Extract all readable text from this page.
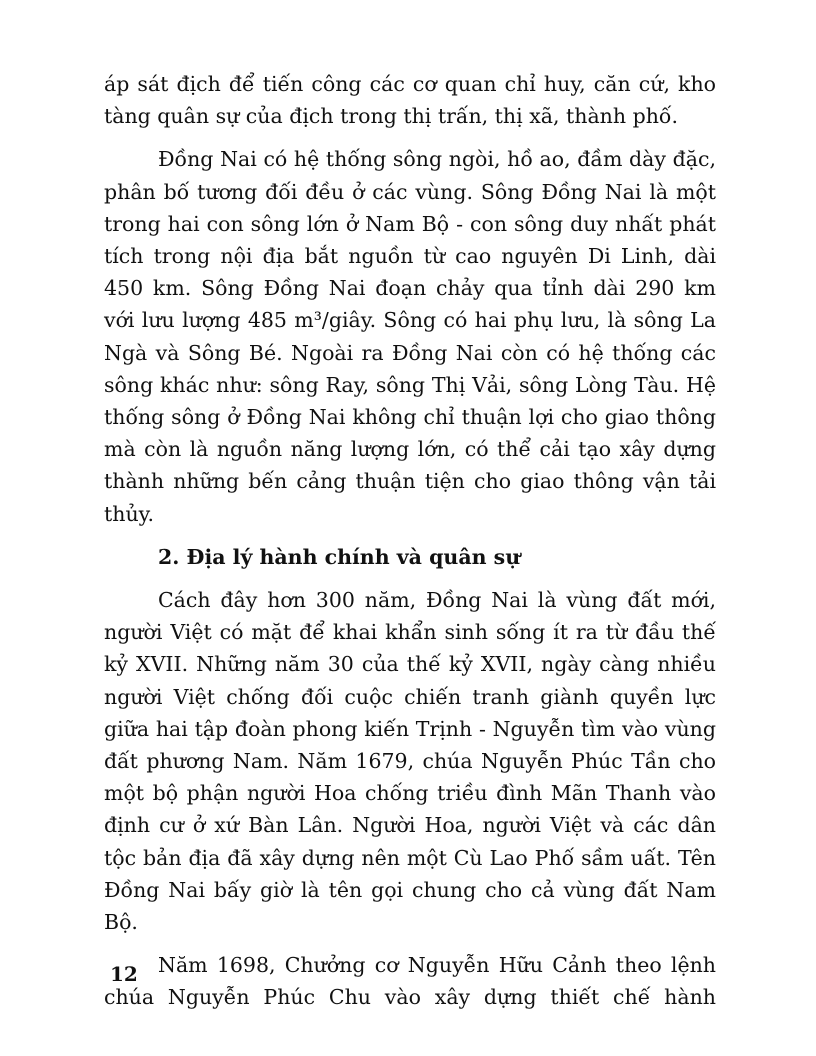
áp sát địch để tiến công các cơ quan chỉ huy, căn cứ, kho tàng quân sự của địch trong thị trấn, thị xã, thành phố.

Đồng Nai có hệ thống sông ngòi, hồ ao, đầm dày đặc, phân bố tương đối đều ở các vùng. Sông Đồng Nai là một trong hai con sông lớn ở Nam Bộ - con sông duy nhất phát tích trong nội địa bắt nguồn từ cao nguyên Di Linh, dài 450 km. Sông Đồng Nai đoạn chảy qua tỉnh dài 290 km với lưu lượng 485 m³/giây. Sông có hai phụ lưu, là sông La Ngà và Sông Bé. Ngoài ra Đồng Nai còn có hệ thống các sông khác như: sông Ray, sông Thị Vải, sông Lòng Tàu. Hệ thống sông ở Đồng Nai không chỉ thuận lợi cho giao thông mà còn là nguồn năng lượng lớn, có thể cải tạo xây dựng thành những bến cảng thuận tiện cho giao thông vận tải thủy.

2. Địa lý hành chính và quân sự

Cách đây hơn 300 năm, Đồng Nai là vùng đất mới, người Việt có mặt để khai khẩn sinh sống ít ra từ đầu thế kỷ XVII. Những năm 30 của thế kỷ XVII, ngày càng nhiều người Việt chống đối cuộc chiến tranh giành quyền lực giữa hai tập đoàn phong kiến Trịnh - Nguyễn tìm vào vùng đất phương Nam. Năm 1679, chúa Nguyễn Phúc Tần cho một bộ phận người Hoa chống triều đình Mãn Thanh vào định cư ở xứ Bàn Lân. Người Hoa, người Việt và các dân tộc bản địa đã xây dựng nên một Cù Lao Phố sầm uất. Tên Đồng Nai bấy giờ là tên gọi chung cho cả vùng đất Nam Bộ.

Năm 1698, Chưởng cơ Nguyễn Hữu Cảnh theo lệnh chúa Nguyễn Phúc Chu vào xây dựng thiết chế hành

12
